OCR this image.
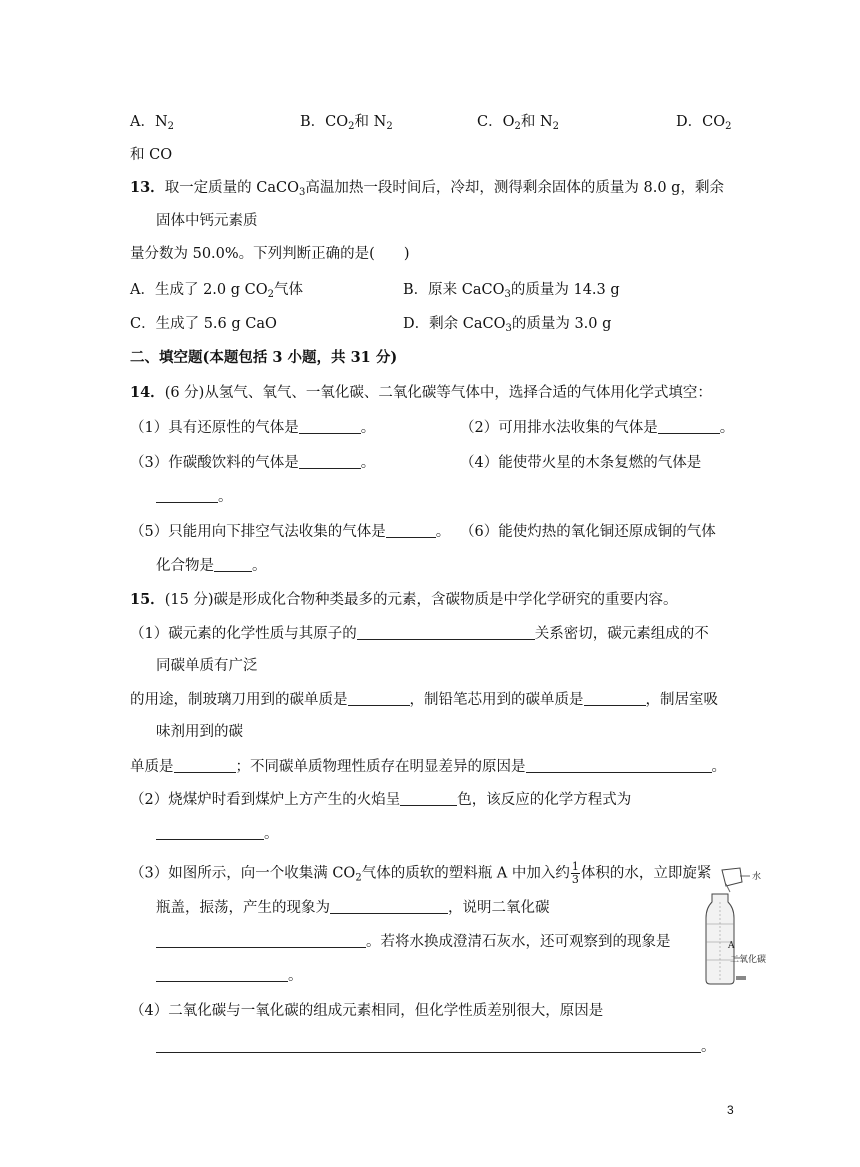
A．$N_2$	B．$CO_2$和 $N_2$	C．$O_2$和 $N_2$	D．$CO_2$
和 CO
13．取一定质量的 CaCO$_3$高温加热一段时间后，冷却，测得剩余固体的质量为 8.0 g，剩余
固体中钙元素质
量分数为 50.0%。下列判断正确的是(　　)
A．生成了 2.0 g $CO_2$气体	B．原来 CaCO$_3$的质量为 14.3 g
C．生成了 5.6 g CaO	D．剩余 CaCO$_3$的质量为 3.0 g
二、填空题(本题包括 3 小题，共 31 分)
14．(6 分)从氢气、氧气、一氧化碳、二氧化碳等气体中，选择合适的气体用化学式填空：
（1）具有还原性的气体是	。	（2）可用排水法收集的气体是	。
（3）作碳酸饮料的气体是	。	（4）能使带火星的木条复燃的气体是
。
（5）只能用向下排空气法收集的气体是	。 （6）能使灼热的氧化铜还原成铜的气体
化合物是	。
15．(15 分)碳是形成化合物种类最多的元素，含碳物质是中学化学研究的重要内容。
（1）碳元素的化学性质与其原子的	关系密切，碳元素组成的不
同碳单质有广泛
的用途，制玻璃刀用到的碳单质是	，制铅笔芯用到的碳单质是	，制居室吸
味剂用到的碳
单质是	；不同碳单质物理性质存在明显差异的原因是	。
（2）烧煤炉时看到煤炉上方产生的火焰呈	色，该反应的化学方程式为
。
（3）如图所示，向一个收集满 $CO_2$气体的质软的塑料瓶 A 中加入约 $\frac{1}{3}$ 体积的水，立即旋紧
瓶盖，振荡，产生的现象为	，说明二氧化碳
。若将水换成澄清石灰水，还可观察到的现象是
。
（4）二氧化碳与一氧化碳的组成元素相同，但化学性质差别很大，原因是
。
水
A
二氧化碳
3
